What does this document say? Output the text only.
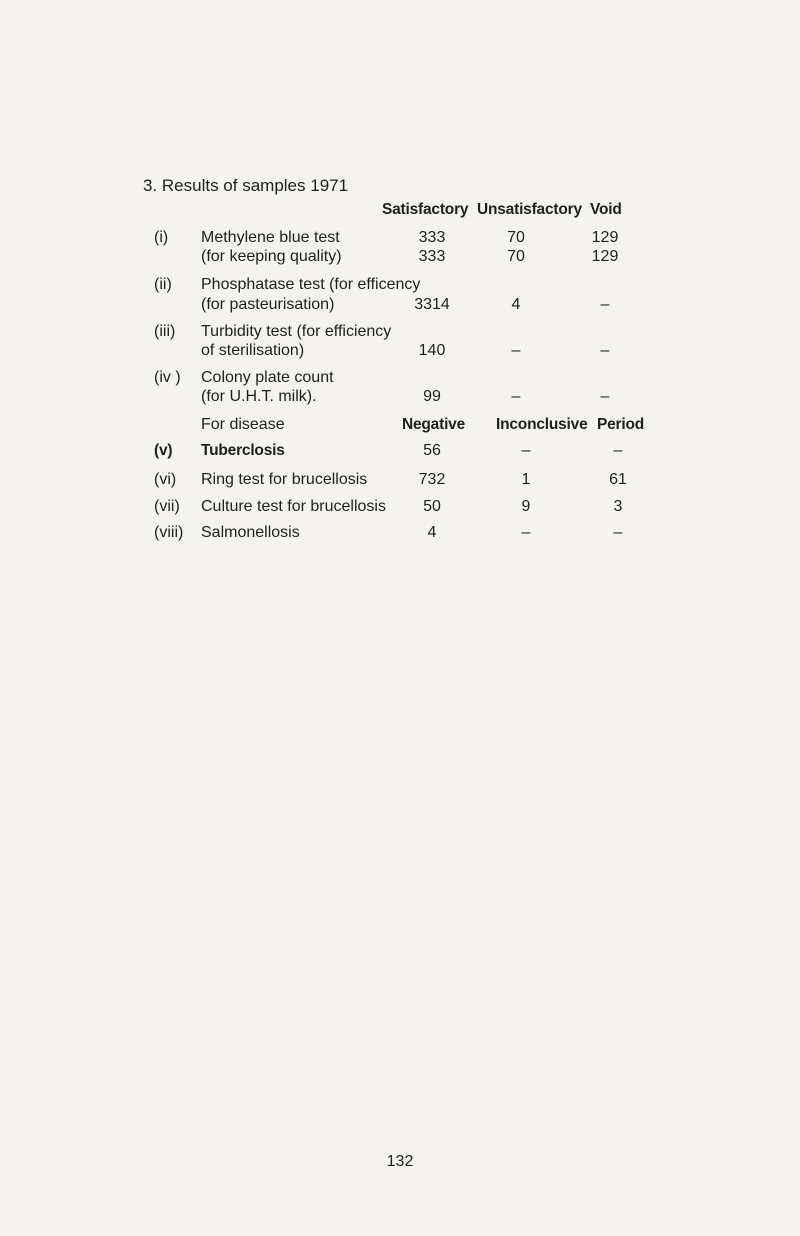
3. Results of samples 1971
Satisfactory Unsatisfactory Void
(i) Methylene blue test
(for keeping quality)
333	70	129
333	70	129
(ii) Phosphatase test (for efficency
(for pasteurisation)	3314	4	–
(iii) Turbidity test (for efficiency
of sterilisation)	140	–	–
(iv ) Colony plate count
(for U.H.T. milk).	99	–	–
For disease	Negative Inconclusive Period
(v) Tuberclosis	56	–	–
(vi) Ring test for brucellosis	732	1	61
(vii) Culture test for brucellosis	50	9	3
(viii) Salmonellosis	4	–	–
132
